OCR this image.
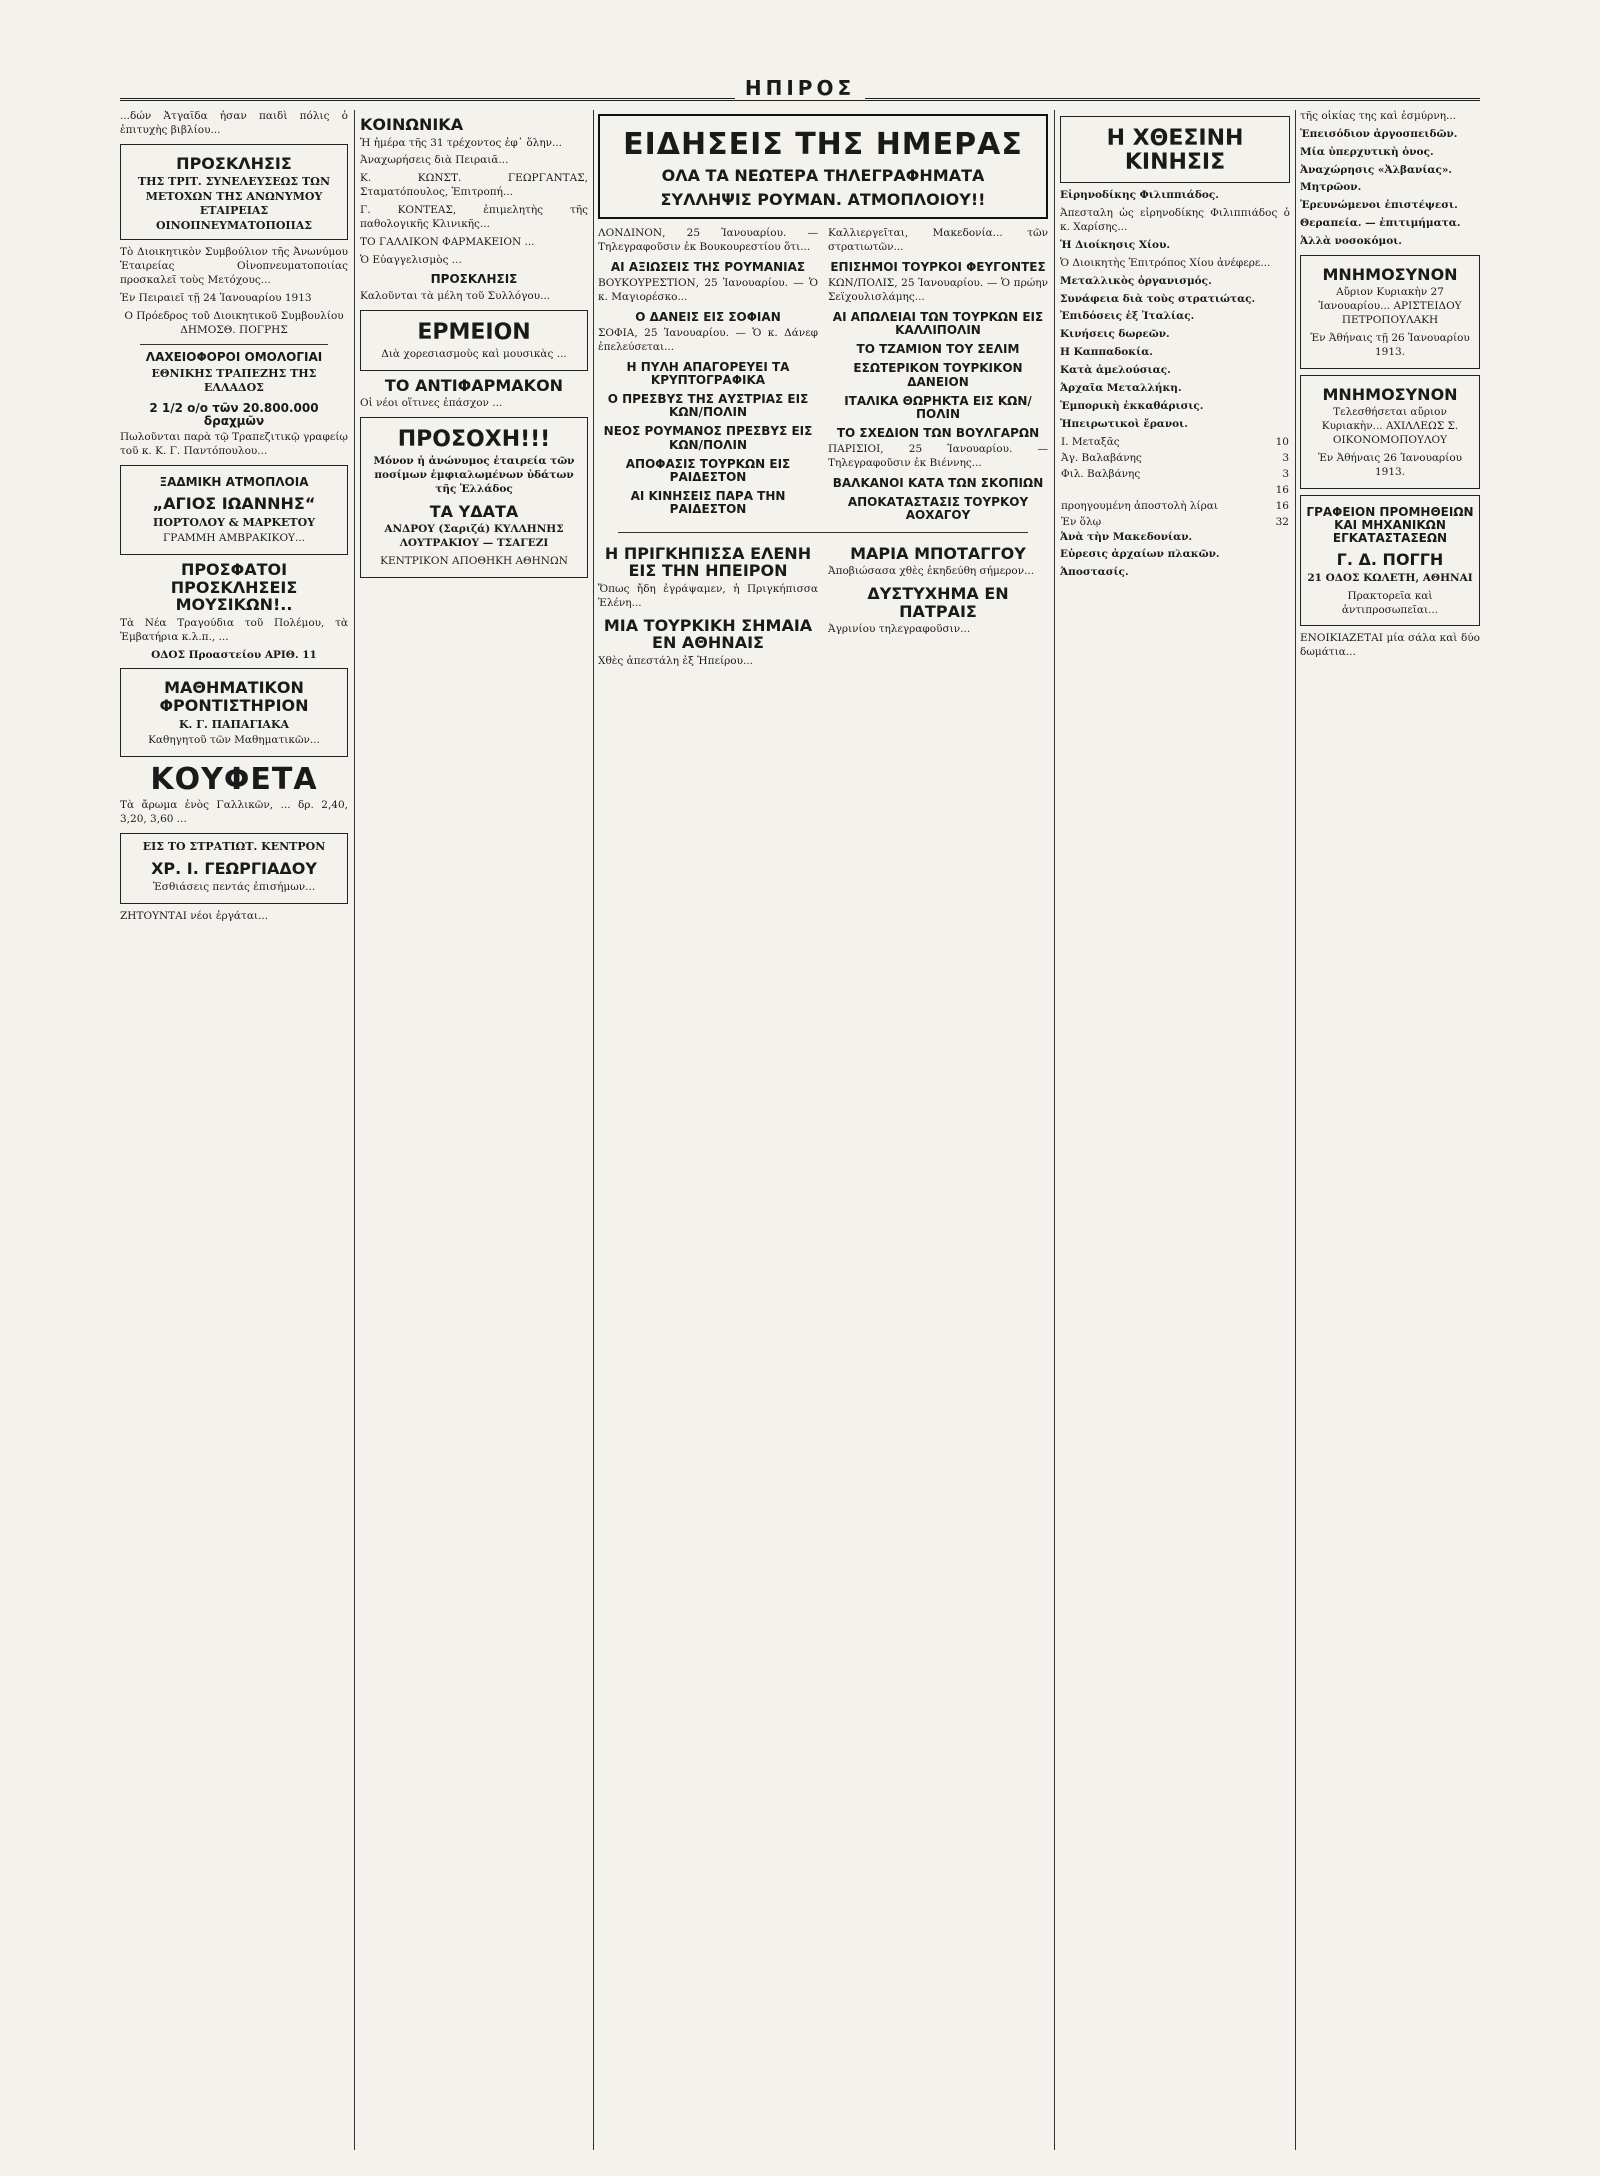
ΗΠΙΡΟΣ

...δών Ἀτγαῖδα ἦσαν παιδὶ πόλις ὁ ἐπιτυχὴς βιβλίου...

ΠΡΟΣΚΛΗΣΙΣ
ΤΗΣ ΤΡΙΤ. ΣΥΝΕΛΕΥΣΕΩΣ ΤΩΝ ΜΕΤΟΧΩΝ ΤΗΣ ΑΝΩΝΥΜΟΥ ΕΤΑΙΡΕΙΑΣ ΟΙΝΟΠΝΕΥΜΑΤΟΠΟΙΙΑΣ

Τὸ Διοικητικὸν Συμβούλιον τῆς Ἀνωνύμου Ἑταιρείας Οἰνοπνευματοποιίας προσκαλεῖ τοὺς Μετόχους...

Ἐν Πειραιεῖ τῇ 24 Ἰανουαρίου 1913

Ο Πρόεδρος τοῦ Διοικητικοῦ Συμβουλίου ΔΗΜΟΣΘ. ΠΟΓΡΗΣ

ΛΑΧΕΙΟΦΟΡΟΙ ΟΜΟΛΟΓΙΑΙ
ΕΘΝΙΚΗΣ ΤΡΑΠΕΖΗΣ ΤΗΣ ΕΛΛΑΔΟΣ
2 1/2 ο/ο τῶν 20.800.000 δραχμῶν

Πωλοῦνται παρὰ τῷ Τραπεζιτικῷ γραφείῳ τοῦ κ. Κ. Γ. Παντόπουλου...

ΞΑΔΜΙΚΗ ΑΤΜΟΠΛΟΙΑ
„ΑΓΙΟΣ ΙΩΑΝΝΗΣ“
ΠΟΡΤΟΛΟΥ & ΜΑΡΚΕΤΟΥ

ΓΡΑΜΜΗ ΑΜΒΡΑΚΙΚΟΥ...

ΠΡΟΣΦΑΤΟΙ ΠΡΟΣΚΛΗΣΕΙΣ ΜΟΥΣΙΚΩΝ!..

Τὰ Νέα Τραγούδια τοῦ Πολέμου, τὰ Ἐμβατήρια κ.λ.π., ...

ΟΔΟΣ Προαστείου ΑΡΙΘ. 11

ΜΑΘΗΜΑΤΙΚΟΝ ΦΡΟΝΤΙΣΤΗΡΙΟΝ
Κ. Γ. ΠΑΠΑΓΙΑΚΑ

Καθηγητοῦ τῶν Μαθηματικῶν...

ΚΟΥΦΕΤΑ

Τὰ ἄρωμα ἐνὸς Γαλλικῶν, ... δρ. 2,40, 3,20, 3,60 ...

ΕΙΣ ΤΟ ΣΤΡΑΤΙΩΤ. ΚΕΝΤΡΟΝ
ΧΡ. Ι. ΓΕΩΡΓΙΑΔΟΥ

Ἐσθιάσεις πεντάς ἐπισήμων...

ΖΗΤΟΥΝΤΑΙ νέοι ἐργάται...

ΚΟΙΝΩΝΙΚΑ

Ἡ ἡμέρα τῆς 31 τρέχοντος ἐφ᾽ ὅλην...

Ἀναχωρήσεις διὰ Πειραιᾶ...

Κ. ΚΩΝΣΤ. ΓΕΩΡΓΑΝΤΑΣ, Σταματόπουλος, Ἐπιτροπή...

Γ. ΚΟΝΤΕΑΣ, ἐπιμελητὴς τῆς παθολογικῆς Κλινικῆς...

ΤΟ ΓΑΛΛΙΚΟΝ ΦΑΡΜΑΚΕΙΟΝ ...

Ὁ Εὐαγγελισμὸς ...

ΠΡΟΣΚΛΗΣΙΣ

Καλοῦνται τὰ μέλη τοῦ Συλλόγου...

ΕΡΜΕΙΟΝ

Διὰ χορεσιασμοὺς καὶ μουσικὰς ...

ΤΟ ΑΝΤΙΦΑΡΜΑΚΟΝ

Οἱ νέοι οἵτινες ἐπάσχον ...

ΠΡΟΣΟΧΗ!!!

Μόνον ἡ ἀνώνυμος ἑταιρεία τῶν ποσίμων ἐμφιαλωμένων ὑδάτων τῆς Ἑλλάδος

ΤΑ ΥΔΑΤΑ

ΑΝΔΡΟΥ (Σαριζά) ΚΥΛΛΗΝΗΣ ΛΟΥΤΡΑΚΙΟΥ — ΤΣΑΓΕΖΙ

ΚΕΝΤΡΙΚΟΝ ΑΠΟΘΗΚΗ ΑΘΗΝΩΝ

ΕΙΔΗΣΕΙΣ ΤΗΣ ΗΜΕΡΑΣ
ΟΛΑ ΤΑ ΝΕΩΤΕΡΑ ΤΗΛΕΓΡΑΦΗΜΑΤΑ
ΣΥΛΛΗΨΙΣ ΡΟΥΜΑΝ. ΑΤΜΟΠΛΟΙΟΥ!!

ΛΟΝΔΙΝΟΝ, 25 Ἰανουαρίου. — Τηλεγραφοῦσιν ἐκ Βουκουρεστίου ὅτι...

ΑΙ ΑΞΙΩΣΕΙΣ ΤΗΣ ΡΟΥΜΑΝΙΑΣ

ΒΟΥΚΟΥΡΕΣΤΙΟΝ, 25 Ἰανουαρίου. — Ὁ κ. Μαγιορέσκο...

Ο ΔΑΝΕΙΣ ΕΙΣ ΣΟΦΙΑΝ

ΣΟΦΙΑ, 25 Ἰανουαρίου. — Ὁ κ. Δάνεφ ἐπελεύσεται...

Η ΠΥΛΗ ΑΠΑΓΟΡΕΥΕΙ ΤΑ ΚΡΥΠΤΟΓΡΑΦΙΚΑ
Ο ΠΡΕΣΒΥΣ ΤΗΣ ΑΥΣΤΡΙΑΣ ΕΙΣ ΚΩΝ/ΠΟΛΙΝ
ΝΕΟΣ ΡΟΥΜΑΝΟΣ ΠΡΕΣΒΥΣ ΕΙΣ ΚΩΝ/ΠΟΛΙΝ
ΑΠΟΦΑΣΙΣ ΤΟΥΡΚΩΝ ΕΙΣ ΡΑΙΔΕΣΤΟΝ
ΑΙ ΚΙΝΗΣΕΙΣ ΠΑΡΑ ΤΗΝ ΡΑΙΔΕΣΤΟΝ

Καλλιεργεῖται, Μακεδονία... τῶν στρατιωτῶν...

ΕΠΙΣΗΜΟΙ ΤΟΥΡΚΟΙ ΦΕΥΓΟΝΤΕΣ

ΚΩΝ/ΠΟΛΙΣ, 25 Ἰανουαρίου. — Ὁ πρώην Σεϊχουλισλάμης...

ΑΙ ΑΠΩΛΕΙΑΙ ΤΩΝ ΤΟΥΡΚΩΝ ΕΙΣ ΚΑΛΛΙΠΟΛΙΝ
ΤΟ ΤΖΑΜΙΟΝ ΤΟΥ ΣΕΛΙΜ
ΕΣΩΤΕΡΙΚΟΝ ΤΟΥΡΚΙΚΟΝ ΔΑΝΕΙΟΝ
ΙΤΑΛΙΚΑ ΘΩΡΗΚΤΑ ΕΙΣ ΚΩΝ/ΠΟΛΙΝ
ΤΟ ΣΧΕΔΙΟΝ ΤΩΝ ΒΟΥΛΓΑΡΩΝ

ΠΑΡΙΣΙΟΙ, 25 Ἰανουαρίου. — Τηλεγραφοῦσιν ἐκ Βιέννης...

ΒΑΛΚΑΝΟΙ ΚΑΤΑ ΤΩΝ ΣΚΟΠΙΩΝ
ΑΠΟΚΑΤΑΣΤΑΣΙΣ ΤΟΥΡΚΟΥ ΑΟΧΑΓΟΥ
Η ΠΡΙΓΚΗΠΙΣΣΑ ΕΛΕΝΗ ΕΙΣ ΤΗΝ ΗΠΕΙΡΟΝ

Ὅπως ἤδη ἐγράψαμεν, ἡ Πριγκήπισσα Ἑλένη...

ΜΙΑ ΤΟΥΡΚΙΚΗ ΣΗΜΑΙΑ ΕΝ ΑΘΗΝΑΙΣ

Χθὲς ἀπεστάλη ἐξ Ἠπείρου...

ΜΑΡΙΑ ΜΠΟΤΑΓΓΟΥ

Ἀποβιώσασα χθὲς ἐκηδεύθη σήμερον...

ΔΥΣΤΥΧΗΜΑ ΕΝ ΠΑΤΡΑΙΣ

Ἀγρινίου τηλεγραφοῦσιν...

Η ΧΘΕΣΙΝΗ ΚΙΝΗΣΙΣ

Εἰρηνοδίκης Φιλιππιάδος.

Ἀπεσταλη ὡς εἰρηνοδίκης Φιλιππιάδος ὁ κ. Χαρίσης...

Ἡ Διοίκησις Χίου.

Ὁ Διοικητὴς Ἐπιτρόπος Χίου ἀνέφερε...

Μεταλλικὸς ὀργανισμός.

Συνάφεια διὰ τοὺς στρατιώτας.

Ἐπιδόσεις ἐξ Ἰταλίας.

Κινήσεις δωρεῶν.

Η Καππαδοκία.

Κατὰ ἀμελούσιας.

Ἀρχαῖα Μεταλλήκη.

Ἐμπορικὴ ἐκκαθάρισις.

Ἠπειρωτικοὶ ἔρανοι.

Ι. Μεταξᾶς	10
Ἀγ. Βαλαβάνης	3
Φιλ. Βαλβάνης	3
	16
προηγουμένη ἀποστολὴ λίραι	16
Ἐν ὅλῳ	32

Ἀνὰ τὴν Μακεδονίαν.

Εὑρεσις ἀρχαίων πλακῶν.

Ἀποστασίς.

τῆς οἰκίας της καὶ ἐσμύρνη...

Ἐπεισόδιον ἀργοσπειδῶν.

Μία ὑπερχυτικὴ ὁνος.

Ἀναχώρησις «Ἀλβανίας».

Μητρῶον.

Ἐρευνώμενοι ἐπιστέψεσι.

Θεραπεία. — ἐπιτιμήματα.

Ἀλλὰ νοσοκόμοι.

ΜΝΗΜΟΣΥΝΟΝ

Αὔριον Κυριακὴν 27 Ἰανουαρίου... ΑΡΙΣΤΕΙΔΟΥ ΠΕΤΡΟΠΟΥΛΑΚΗ

Ἐν Ἀθήναις τῇ 26 Ἰανουαρίου 1913.

ΜΝΗΜΟΣΥΝΟΝ

Τελεσθήσεται αὔριον Κυριακὴν... ΑΧΙΛΛΕΩΣ Σ. ΟΙΚΟΝΟΜΟΠΟΥΛΟΥ

Ἐν Ἀθήναις 26 Ἰανουαρίου 1913.

ΓΡΑΦΕΙΟΝ ΠΡΟΜΗΘΕΙΩΝ ΚΑΙ ΜΗΧΑΝΙΚΩΝ ΕΓΚΑΤΑΣΤΑΣΕΩΝ
Γ. Δ. ΠΟΓΓΗ

21 ΟΔΟΣ ΚΩΛΕΤΗ, ΑΘΗΝΑΙ

Πρακτορεῖα καὶ ἀντιπροσωπεῖαι...

ΕΝΟΙΚΙΑΖΕΤΑΙ μία σάλα καὶ δύο δωμάτια...
